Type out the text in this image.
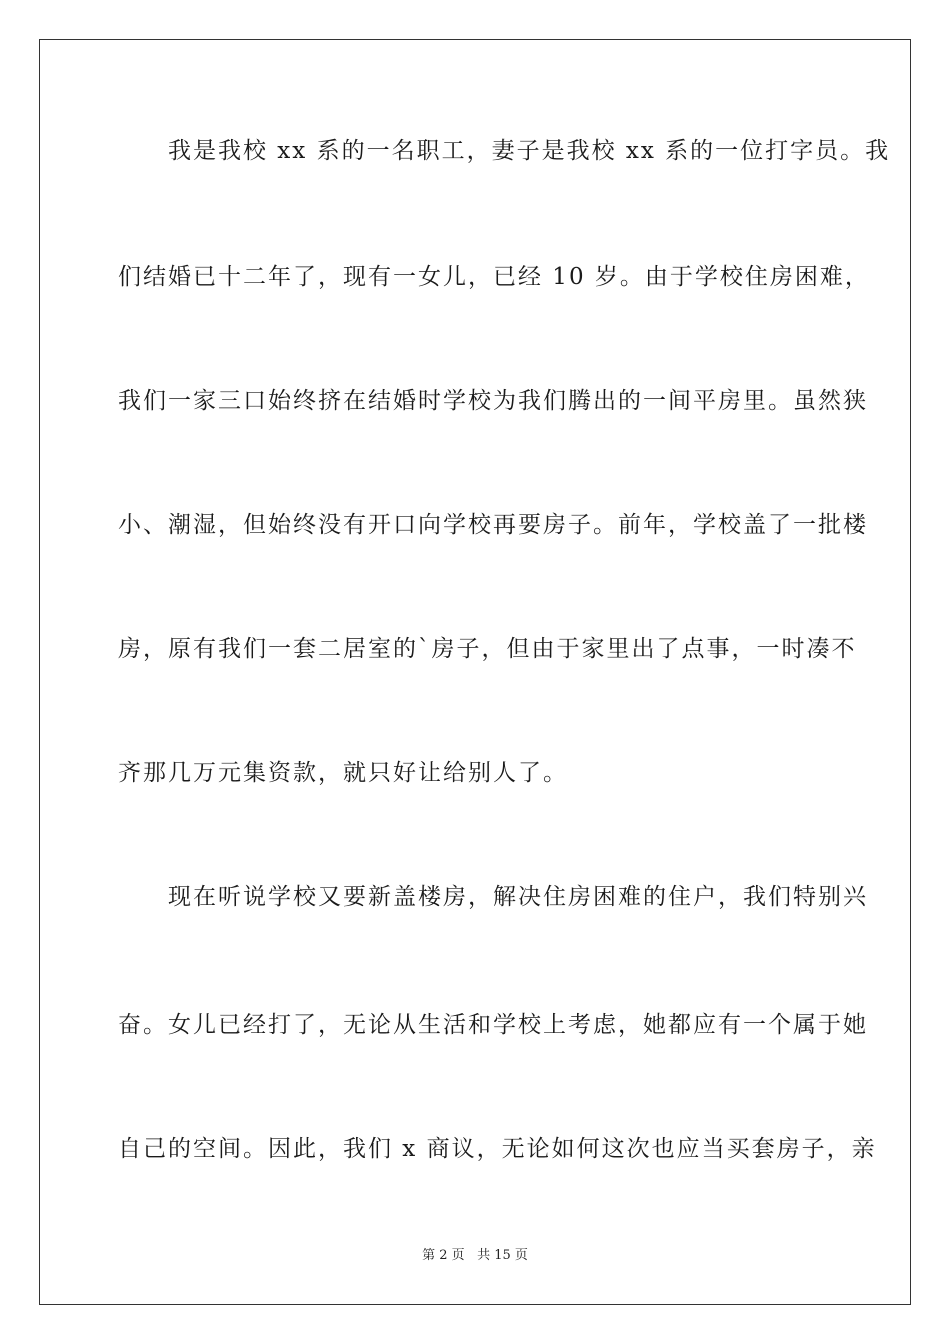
　　我是我校 xx 系的一名职工，妻子是我校 xx 系的一位打字员。我
们结婚已十二年了，现有一女儿，已经 10 岁。由于学校住房困难，
我们一家三口始终挤在结婚时学校为我们腾出的一间平房里。虽然狭
小、潮湿，但始终没有开口向学校再要房子。前年，学校盖了一批楼
房，原有我们一套二居室的`房子，但由于家里出了点事，一时凑不
齐那几万元集资款，就只好让给别人了。
　　现在听说学校又要新盖楼房，解决住房困难的住户，我们特别兴
奋。女儿已经打了，无论从生活和学校上考虑，她都应有一个属于她
自己的空间。因此，我们 x 商议，无论如何这次也应当买套房子，亲
第 2 页 共 15 页
